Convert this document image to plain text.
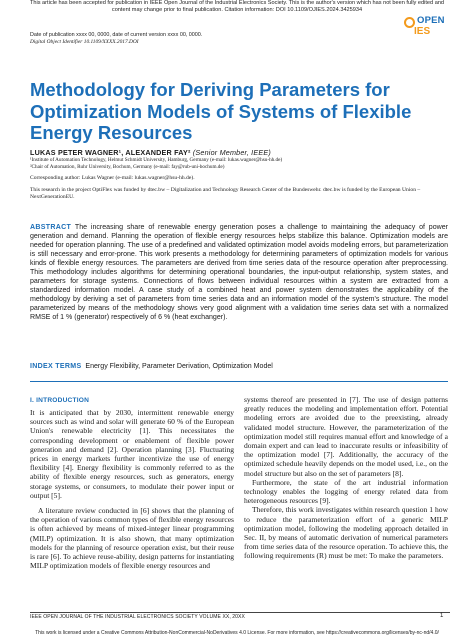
This article has been accepted for publication in IEEE Open Journal of the Industrial Electronics Society. This is the author's version which has not been fully edited and
content may change prior to final publication. Citation information: DOI 10.1109/OJIES.2024.3425934
Date of publication xxxx 00, 0000, date of current version xxxx 00, 0000.
Digital Object Identifier 10.1109/XXXX.2017.DOI
OPEN
IES
Methodology for Deriving Parameters for Optimization Models of Systems of Flexible Energy Resources
LUKAS PETER WAGNER¹, ALEXANDER FAY² (Senior Member, IEEE)
¹Institute of Automation Technology, Helmut Schmidt University, Hamburg, Germany (e-mail: lukas.wagner@hsu-hh.de)
²Chair of Automation, Ruhr University, Bochum, Germany (e-mail: fay@rub-uni-bochum.de)
Corresponding author: Lukas Wagner (e-mail: lukas.wagner@hsu-hh.de).
This research in the project OptiFlex was funded by dtec.bw – Digitalization and Technology Research Center of the Bundeswehr. dtec.bw is funded by the European Union – NextGenerationEU.
ABSTRACT The increasing share of renewable energy generation poses a challenge to maintaining the adequacy of power generation and demand. Planning the operation of flexible energy resources helps stabilize this balance. Optimization models are needed for operation planning. The use of a predefined and validated optimization model avoids modeling errors, but parameterization is still necessary and error-prone. This work presents a methodology for determining parameters of optimization models for various kinds of flexible energy resources. The parameters are derived from time series data of the resource operation after preprocessing. This methodology includes algorithms for determining operational boundaries, the input-output relationship, system states, and parameters for storage systems. Connections of flows between individual resources within a system are extracted from a standardized information model. A case study of a combined heat and power system demonstrates the applicability of the methodology by deriving a set of parameters from time series data and an information model of the system's structure. The model parameterized by means of the methodology shows very good alignment with a validation time series data set with a normalized RMSE of 1 % (generator) respectively of 6 % (heat exchanger).
INDEX TERMS Energy Flexibility, Parameter Derivation, Optimization Model
I. INTRODUCTION

It is anticipated that by 2030, intermittent renewable energy sources such as wind and solar will generate 60 % of the European Union's renewable electricity [1]. This necessitates the corresponding development or enablement of flexible power generation and demand [2]. Operation planning [3]. Fluctuating prices in energy markets further incentivize the use of energy flexibility [4]. Energy flexibility is commonly referred to as the ability of flexible energy resources, such as generators, energy storage systems, or consumers, to modulate their power input or output [5].

A literature review conducted in [6] shows that the planning of the operation of various common types of flexible energy resources is often achieved by means of mixed-integer linear programming (MILP) optimization. It is also shown, that many optimization models for the planning of resource operation exist, but their reuse is rare [6]. To achieve reuse-ability, design patterns for instantiating MILP optimization models of flexible energy resources and

systems thereof are presented in [7]. The use of design patterns greatly reduces the modeling and implementation effort. Potential modeling errors are avoided due to the preexisting, already validated model structure. However, the parameterization of the optimization model still requires manual effort and knowledge of a domain expert and can lead to inaccurate results or infeasibility of the optimization model [7]. Additionally, the accuracy of the optimized schedule heavily depends on the model used, i.e., on the model structure but also on the set of parameters [8].

Furthermore, the state of the art industrial information technology enables the logging of energy related data from heterogeneous resources [9].

Therefore, this work investigates within research question 1 how to reduce the parameterization effort of a generic MILP optimization model, following the modeling approach detailed in Sec. II, by means of automatic derivation of numerical parameters from time series data of the resource operation. To achieve this, the following requirements (R) must be met: To make the parameters.

IEEE OPEN JOURNAL OF THE INDUSTRIAL ELECTRONICS SOCIETY VOLUME XX, 20XX	1
This work is licensed under a Creative Commons Attribution-NonCommercial-NoDerivatives 4.0 License. For more information, see https://creativecommons.org/licenses/by-nc-nd/4.0/
